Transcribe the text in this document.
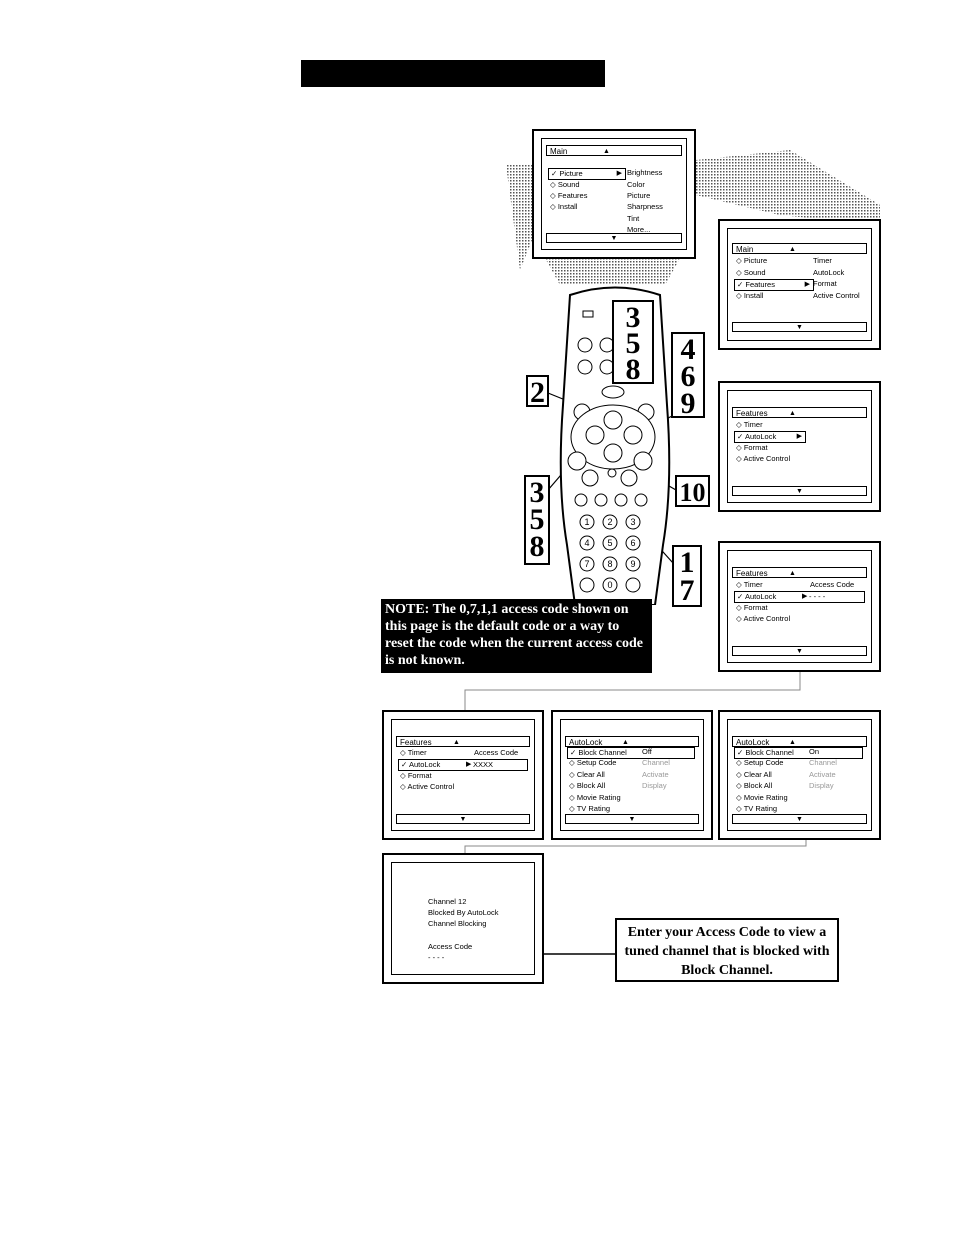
1 2 3
4 5 6
7 8 9
0
3
5
8
4
6
9
2
3
5
8
10
1
7
Main	▲
✓ Picture	▶
◇ Sound
◇ Features
◇ Install
Brightness
Color
Picture
Sharpness
Tint
More...
▼
Main	▲
◇ Picture
◇ Sound
✓ Features	▶
◇ Install
Timer
AutoLock
Format
Active Control
▼
Features	▲
◇ Timer
✓ AutoLock	▶
◇ Format
◇ Active Control
▼
Features	▲
◇ Timer
✓ AutoLock	▶ - - - -
◇ Format
◇ Active Control
Access Code
▼
Features	▲
◇ Timer
✓ AutoLock	▶ XXXX
◇ Format
◇ Active Control
Access Code
▼
AutoLock	▲
✓ Block Channel
◇ Setup Code
◇ Clear All
◇ Block All
◇ Movie Rating
◇ TV Rating
Off
Channel
Activate
Display
▼
AutoLock	▲
✓ Block Channel
◇ Setup Code
◇ Clear All
◇ Block All
◇ Movie Rating
◇ TV Rating
On
Channel
Activate
Display
▼
Channel 12
Blocked By AutoLock
Channel Blocking
Access Code
- - - -
NOTE: The 0,7,1,1 access code shown on this page is the default code or a way to reset the code when the current access code is not known.
Enter your Access Code to view a tuned channel that is blocked with Block Channel.
